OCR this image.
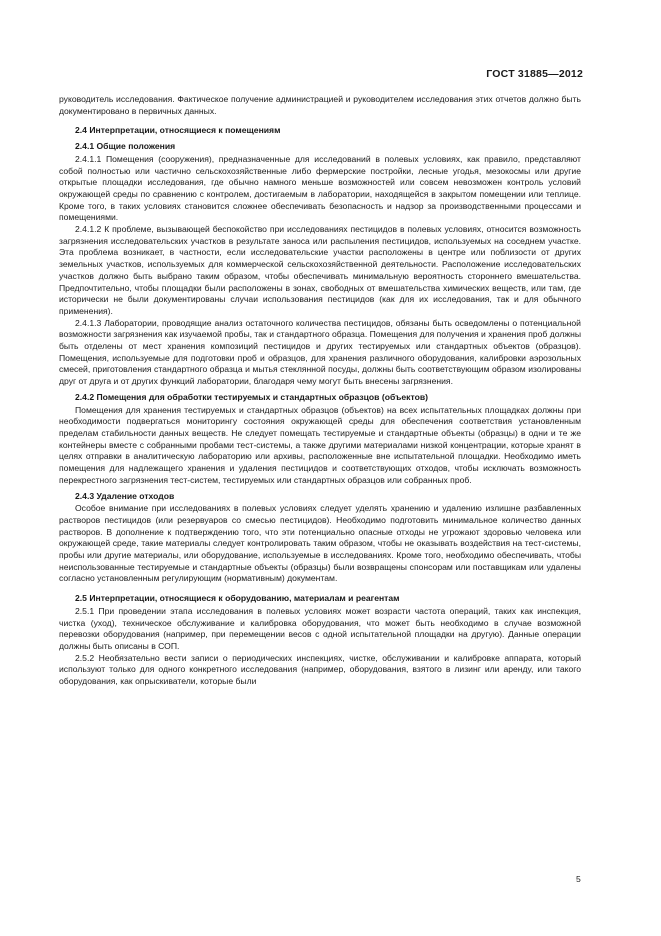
ГОСТ 31885—2012

руководитель исследования. Фактическое получение администрацией и руководителем исследования этих отчетов должно быть документировано в первичных данных.

2.4 Интерпретации, относящиеся к помещениям
2.4.1 Общие положения

2.4.1.1 Помещения (сооружения), предназначенные для исследований в полевых условиях, как правило, представляют собой полностью или частично сельскохозяйственные либо фермерские постройки, лесные угодья, мезокосмы или другие открытые площадки исследования, где обычно намного меньше возможностей или совсем невозможен контроль условий окружающей среды по сравнению с контролем, достигаемым в лаборатории, находящейся в закрытом помещении или теплице. Кроме того, в таких условиях становится сложнее обеспечивать безопасность и надзор за производственными процессами и помещениями.

2.4.1.2 К проблеме, вызывающей беспокойство при исследованиях пестицидов в полевых условиях, относится возможность загрязнения исследовательских участков в результате заноса или распыления пестицидов, используемых на соседнем участке. Эта проблема возникает, в частности, если исследовательские участки расположены в центре или поблизости от других земельных участков, используемых для коммерческой сельскохозяйственной деятельности. Расположение исследовательских участков должно быть выбрано таким образом, чтобы обеспечивать минимальную вероятность стороннего вмешательства. Предпочтительно, чтобы площадки были расположены в зонах, свободных от вмешательства химических веществ, или там, где исторически не были документированы случаи использования пестицидов (как для их исследования, так и для обычного применения).

2.4.1.3 Лаборатории, проводящие анализ остаточного количества пестицидов, обязаны быть осведомлены о потенциальной возможности загрязнения как изучаемой пробы, так и стандартного образца. Помещения для получения и хранения проб должны быть отделены от мест хранения композиций пестицидов и других тестируемых или стандартных объектов (образцов). Помещения, используемые для подготовки проб и образцов, для хранения различного оборудования, калибровки аэрозольных смесей, приготовления стандартного образца и мытья стеклянной посуды, должны быть соответствующим образом изолированы друг от друга и от других функций лаборатории, благодаря чему могут быть внесены загрязнения.

2.4.2 Помещения для обработки тестируемых и стандартных образцов (объектов)

Помещения для хранения тестируемых и стандартных образцов (объектов) на всех испытательных площадках должны при необходимости подвергаться мониторингу состояния окружающей среды для обеспечения соответствия установленным пределам стабильности данных веществ. Не следует помещать тестируемые и стандартные объекты (образцы) в одни и те же контейнеры вместе с собранными пробами тест-системы, а также другими материалами низкой концентрации, которые хранят в целях отправки в аналитическую лабораторию или архивы, расположенные вне испытательной площадки. Необходимо иметь помещения для надлежащего хранения и удаления пестицидов и соответствующих отходов, чтобы исключать возможность перекрестного загрязнения тест-систем, тестируемых или стандартных образцов или собранных проб.

2.4.3 Удаление отходов

Особое внимание при исследованиях в полевых условиях следует уделять хранению и удалению излишне разбавленных растворов пестицидов (или резервуаров со смесью пестицидов). Необходимо подготовить минимальное количество данных растворов. В дополнение к подтверждению того, что эти потенциально опасные отходы не угрожают здоровью человека или окружающей среде, такие материалы следует контролировать таким образом, чтобы не оказывать воздействия на тест-системы, пробы или другие материалы, или оборудование, используемые в исследованиях. Кроме того, необходимо обеспечивать, чтобы неиспользованные тестируемые и стандартные объекты (образцы) были возвращены спонсорам или поставщикам или удалены согласно установленным регулирующим (нормативным) документам.

2.5 Интерпретации, относящиеся к оборудованию, материалам и реагентам

2.5.1 При проведении этапа исследования в полевых условиях может возрасти частота операций, таких как инспекция, чистка (уход), техническое обслуживание и калибровка оборудования, что может быть необходимо в случае возможной перевозки оборудования (например, при перемещении весов с одной испытательной площадки на другую). Данные операции должны быть описаны в СОП.

2.5.2 Необязательно вести записи о периодических инспекциях, чистке, обслуживании и калибровке аппарата, который используют только для одного конкретного исследования (например, оборудования, взятого в лизинг или аренду, или такого оборудования, как опрыскиватели, которые были

5
